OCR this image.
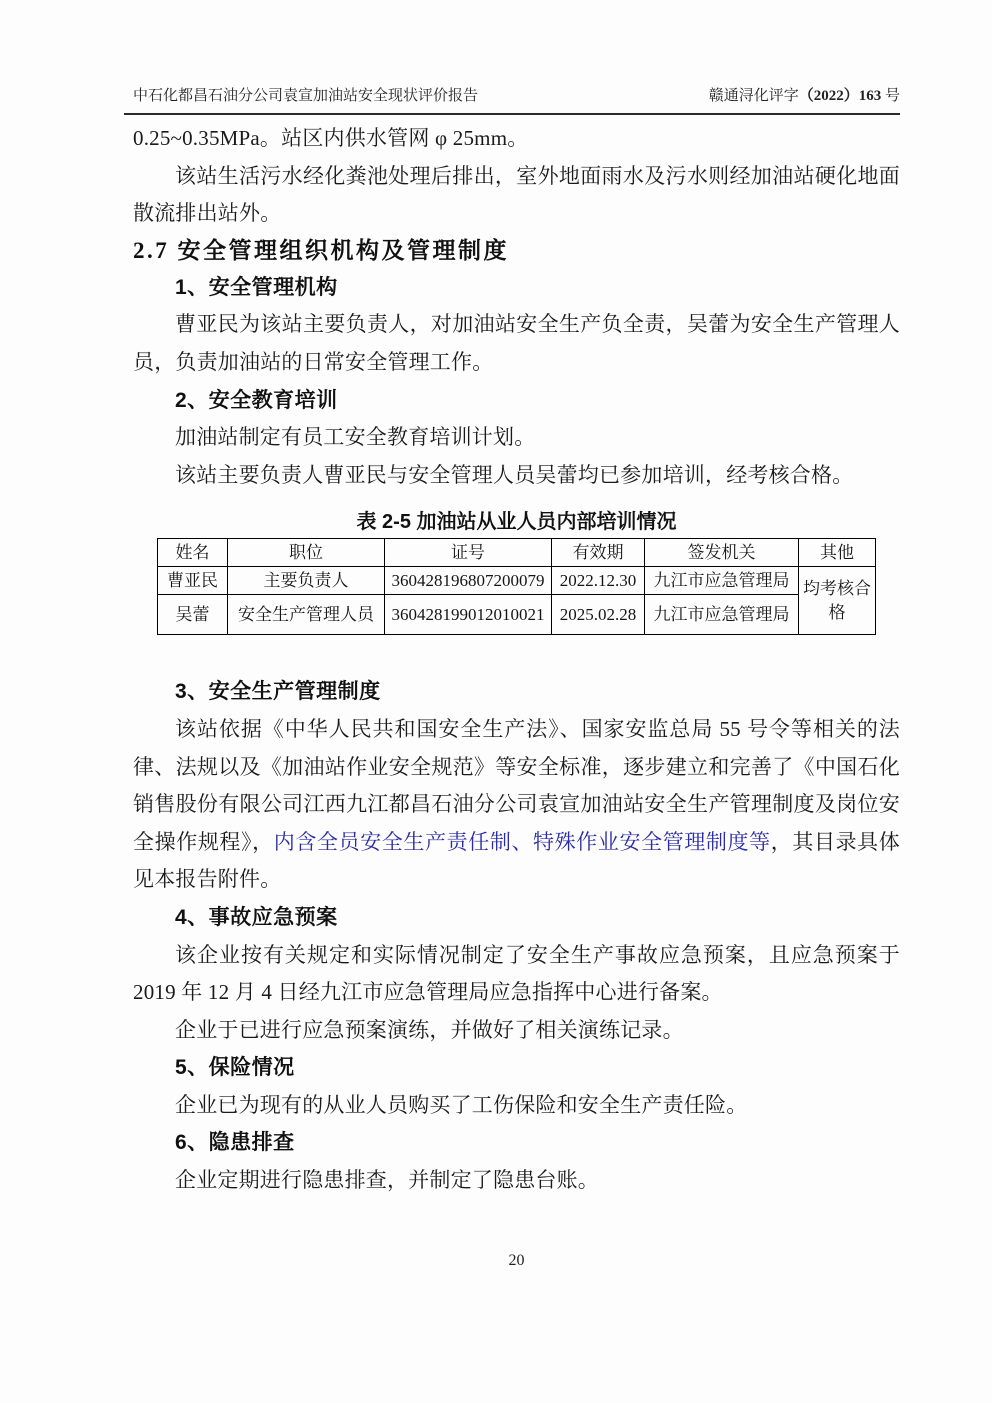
中石化都昌石油分公司袁宣加油站安全现状评价报告	赣通浔化评字（2022）163 号

0.25~0.35MPa。站区内供水管网 φ 25mm。

该站生活污水经化粪池处理后排出，室外地面雨水及污水则经加油站硬化地面散流排出站外。

2.7 安全管理组织机构及管理制度
1、安全管理机构

曹亚民为该站主要负责人，对加油站安全生产负全责，吴蕾为安全生产管理人员，负责加油站的日常安全管理工作。

2、安全教育培训

加油站制定有员工安全教育培训计划。

该站主要负责人曹亚民与安全管理人员吴蕾均已参加培训，经考核合格。

表 2-5 加油站从业人员内部培训情况
姓名	职位	证号	有效期	签发机关	其他
曹亚民	主要负责人	360428196807200079	2022.12.30	九江市应急管理局	均考核合格
吴蕾	安全生产管理人员	360428199012010021	2025.02.28	九江市应急管理局	
3、安全生产管理制度

该站依据《中华人民共和国安全生产法》、国家安监总局 55 号令等相关的法律、法规以及《加油站作业安全规范》等安全标准，逐步建立和完善了《中国石化销售股份有限公司江西九江都昌石油分公司袁宣加油站安全生产管理制度及岗位安全操作规程》，内含全员安全生产责任制、特殊作业安全管理制度等，其目录具体见本报告附件。

4、事故应急预案

该企业按有关规定和实际情况制定了安全生产事故应急预案，且应急预案于 2019 年 12 月 4 日经九江市应急管理局应急指挥中心进行备案。

企业于已进行应急预案演练，并做好了相关演练记录。

5、保险情况

企业已为现有的从业人员购买了工伤保险和安全生产责任险。

6、隐患排查

企业定期进行隐患排查，并制定了隐患台账。

20
